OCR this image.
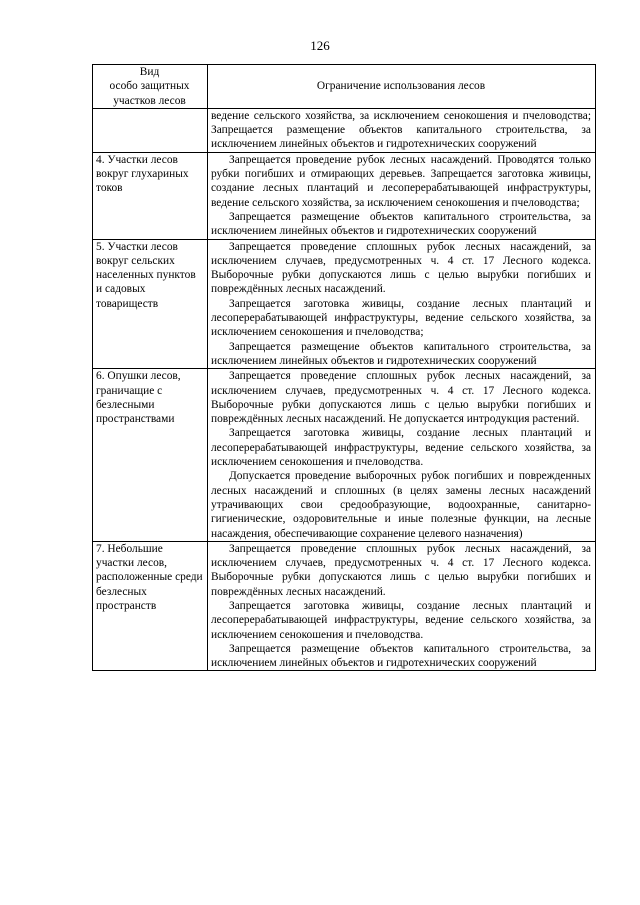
126
Вид
особо защитных
участков лесов	Ограничение использования лесов

	ведение сельского хозяйства, за исключением сенокошения и пчеловодства; Запрещается размещение объектов капитального строительства, за исключением линейных объектов и гидротехнических сооружений

4. Участки лесов вокруг глухариных токов	Запрещается проведение рубок лесных насаждений. Проводятся только рубки погибших и отмирающих деревьев. Запрещается заготовка живицы, создание лесных плантаций и лесоперерабатывающей инфраструктуры, ведение сельского хозяйства, за исключением сенокошения и пчеловодства;

Запрещается размещение объектов капитального строительства, за исключением линейных объектов и гидротехнических сооружений

5. Участки лесов вокруг сельских населенных пунктов и садовых товариществ	Запрещается проведение сплошных рубок лесных насаждений, за исключением случаев, предусмотренных ч. 4 ст. 17 Лесного кодекса. Выборочные рубки допускаются лишь с целью вырубки погибших и повреждённых лесных насаждений.

Запрещается заготовка живицы, создание лесных плантаций и лесоперерабатывающей инфраструктуры, ведение сельского хозяйства, за исключением сенокошения и пчеловодства;

Запрещается размещение объектов капитального строительства, за исключением линейных объектов и гидротехнических сооружений

6. Опушки лесов, граничащие с безлесными пространствами	Запрещается проведение сплошных рубок лесных насаждений, за исключением случаев, предусмотренных ч. 4 ст. 17 Лесного кодекса. Выборочные рубки допускаются лишь с целью вырубки погибших и повреждённых лесных насаждений. Не допускается интродукция растений.

Запрещается заготовка живицы, создание лесных плантаций и лесоперерабатывающей инфраструктуры, ведение сельского хозяйства, за исключением сенокошения и пчеловодства.

Допускается проведение выборочных рубок погибших и поврежденных лесных насаждений и сплошных (в целях замены лесных насаждений утрачивающих свои средообразующие, водоохранные, санитарно-гигиенические, оздоровительные и иные полезные функции, на лесные насаждения, обеспечивающие сохранение целевого назначения)

7. Небольшие участки лесов, расположенные среди безлесных пространств	Запрещается проведение сплошных рубок лесных насаждений, за исключением случаев, предусмотренных ч. 4 ст. 17 Лесного кодекса. Выборочные рубки допускаются лишь с целью вырубки погибших и повреждённых лесных насаждений.

Запрещается заготовка живицы, создание лесных плантаций и лесоперерабатывающей инфраструктуры, ведение сельского хозяйства, за исключением сенокошения и пчеловодства.

Запрещается размещение объектов капитального строительства, за исключением линейных объектов и гидротехнических сооружений
